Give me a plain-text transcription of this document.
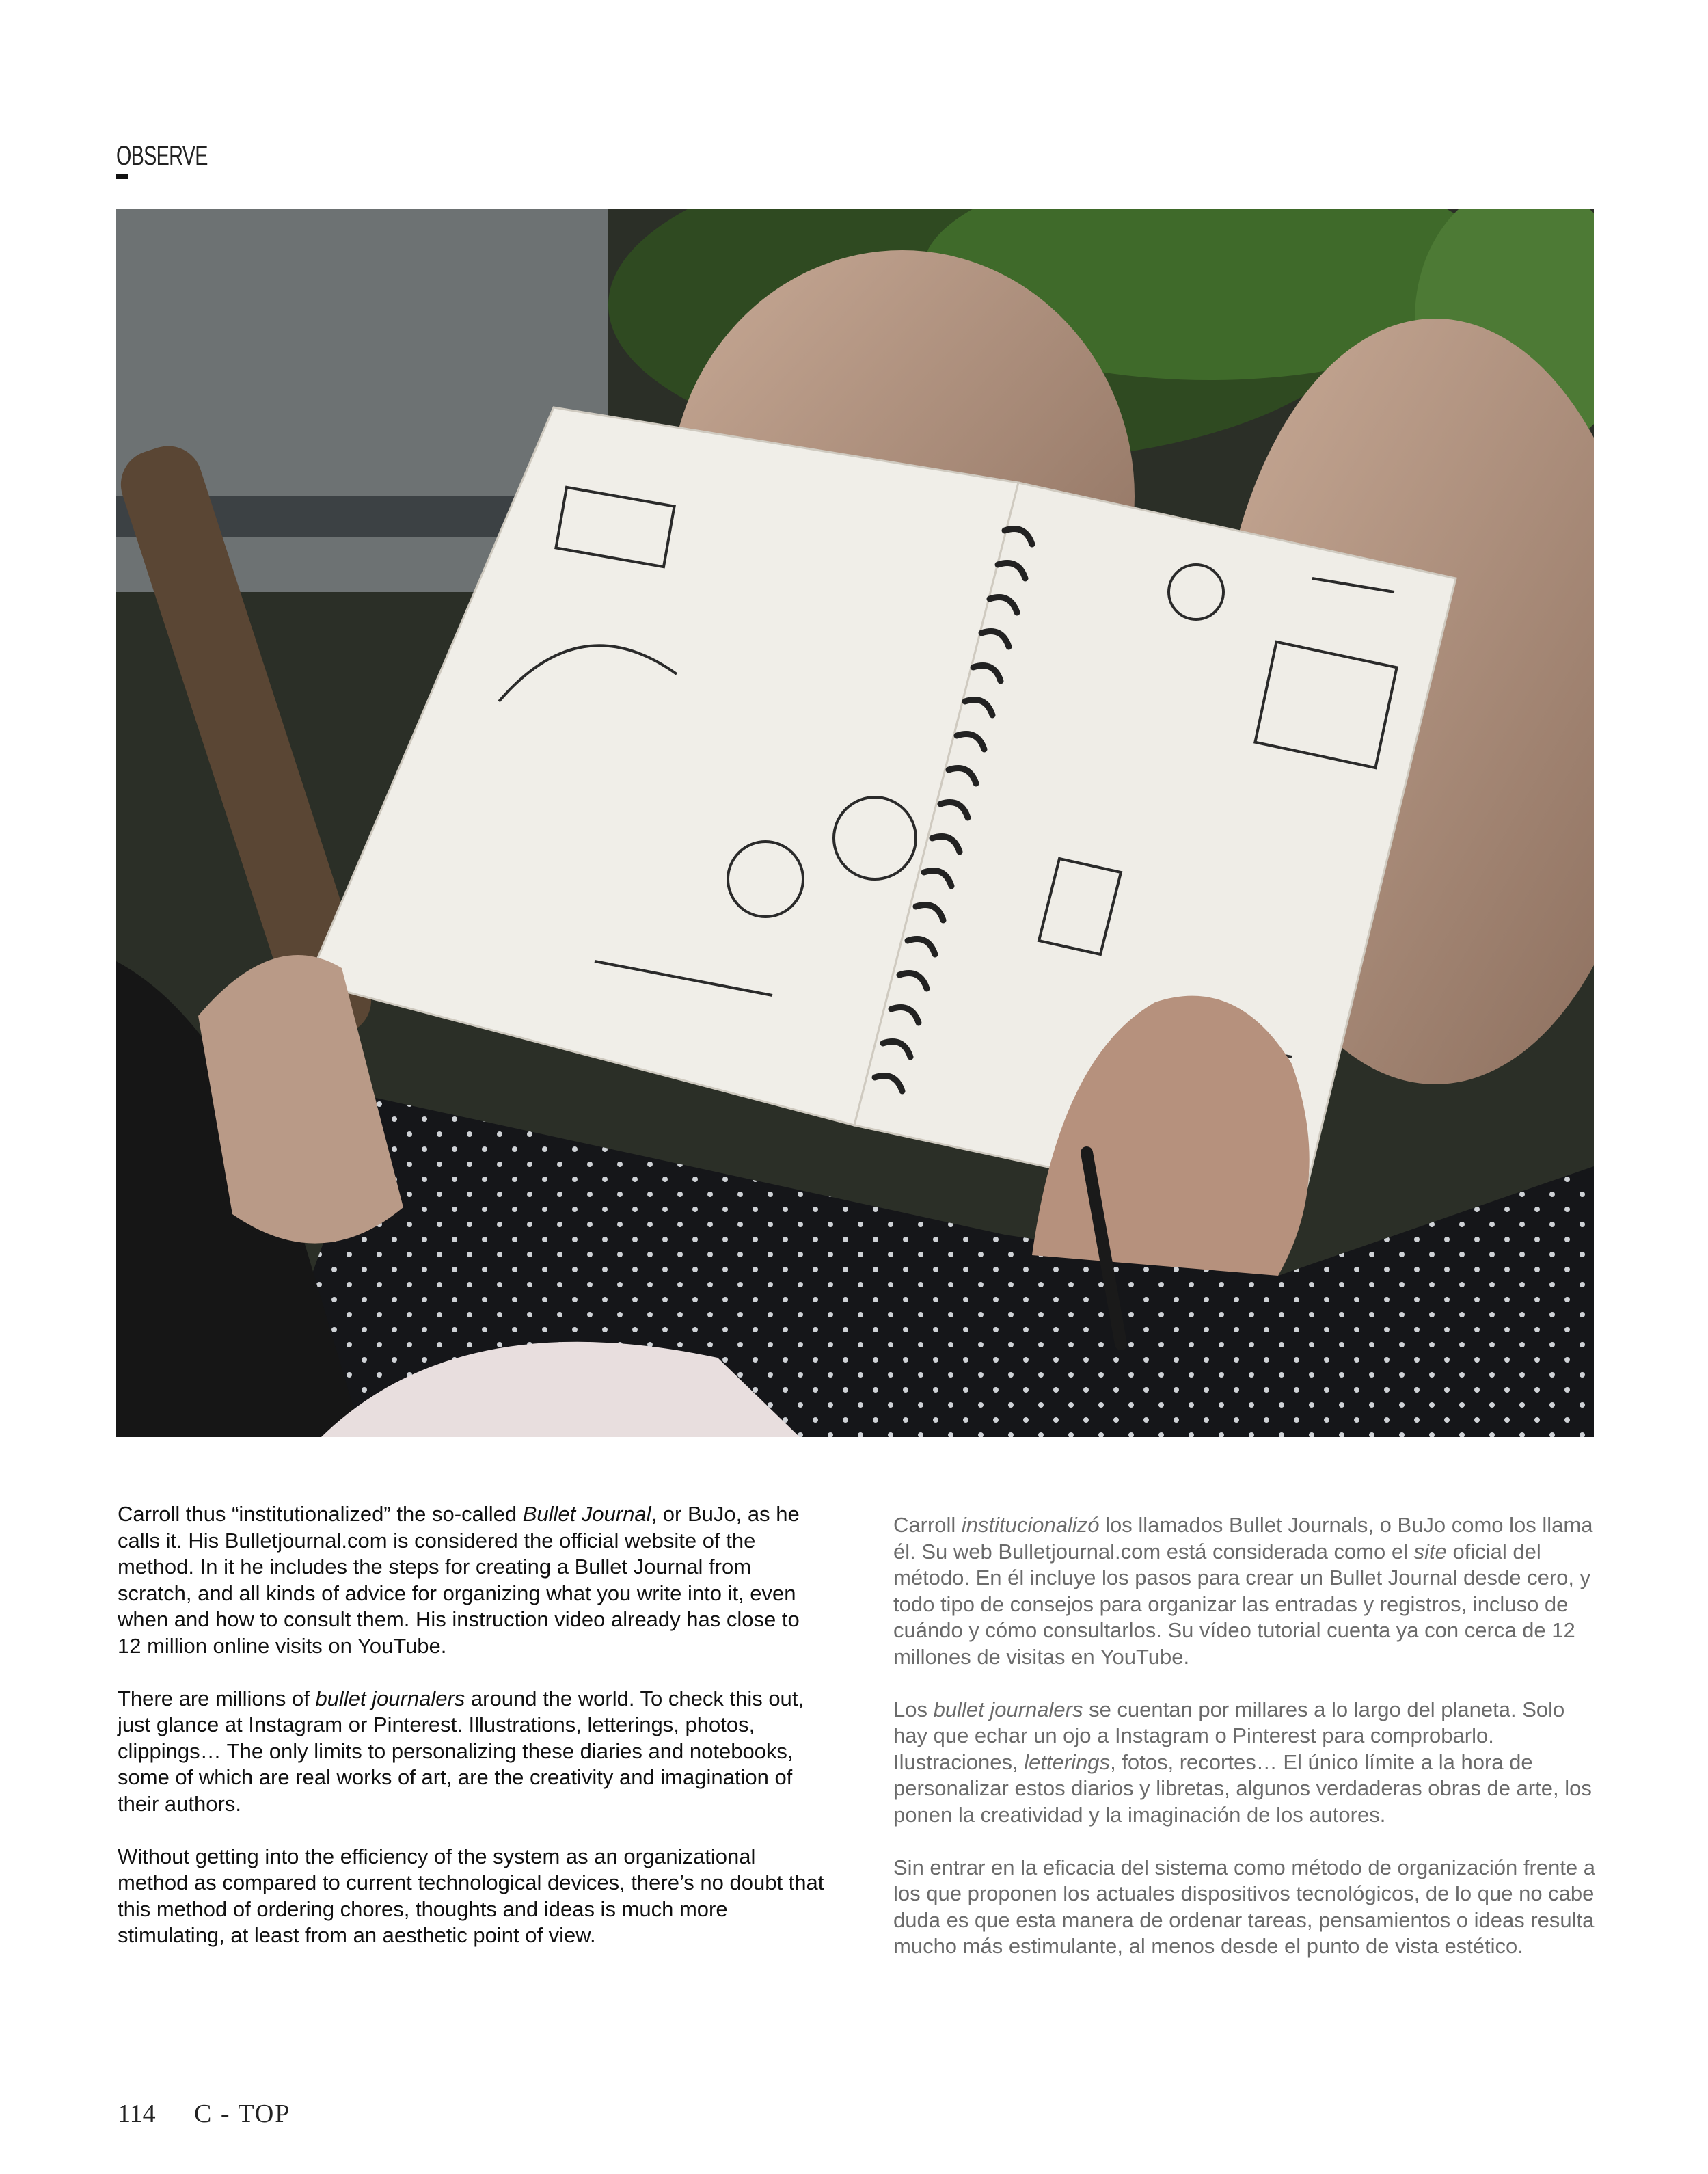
OBSERVE

Carroll thus “institutionalized” the so-called Bullet Journal, or BuJo, as he calls it. His Bulletjournal.com is considered the official website of the method. In it he includes the steps for creating a Bullet Journal from scratch, and all kinds of advice for organizing what you write into it, even when and how to consult them. His instruction video already has close to 12 million online visits on YouTube.

There are millions of bullet journalers around the world. To check this out, just glance at Instagram or Pinterest. Illustrations, letterings, photos, clippings… The only limits to personalizing these diaries and notebooks, some of which are real works of art, are the creativity and imagination of their authors.

Without getting into the efficiency of the system as an organizational method as compared to current technological devices, there’s no doubt that this method of ordering chores, thoughts and ideas is much more stimulating, at least from an aesthetic point of view.

Carroll institucionalizó los llamados Bullet Journals, o BuJo como los llama él. Su web Bulletjournal.com está considerada como el site oficial del método. En él incluye los pasos para crear un Bullet Journal desde cero, y todo tipo de consejos para organizar las entradas y registros, incluso de cuándo y cómo consultarlos. Su vídeo tutorial cuenta ya con cerca de 12 millones de visitas en YouTube.

Los bullet journalers se cuentan por millares a lo largo del planeta. Solo hay que echar un ojo a Instagram o Pinterest para comprobarlo. Ilustraciones, letterings, fotos, recortes… El único límite a la hora de personalizar estos diarios y libretas, algunos verdaderas obras de arte, los ponen la creatividad y la imaginación de los autores.

Sin entrar en la eficacia del sistema como método de organización frente a los que proponen los actuales dispositivos tecnológicos, de lo que no cabe duda es que esta manera de ordenar tareas, pensamientos o ideas resulta mucho más estimulante, al menos desde el punto de vista estético.

114 C - TOP
